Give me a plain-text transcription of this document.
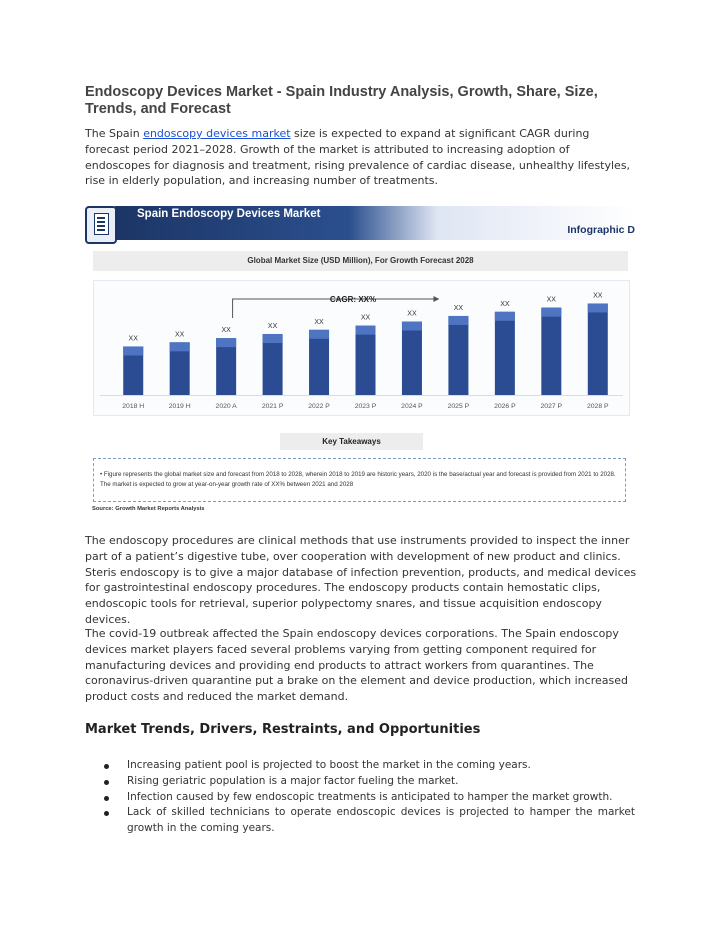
Endoscopy Devices Market - Spain Industry Analysis, Growth, Share, Size, Trends, and Forecast
The Spain endoscopy devices market size is expected to expand at significant CAGR during forecast period 2021–2028. Growth of the market is attributed to increasing adoption of endoscopes for diagnosis and treatment, rising prevalence of cardiac disease, unhealthy lifestyles, rise in elderly population, and increasing number of treatments.
Spain Endoscopy Devices Market
Infographic D
Global Market Size (USD Million), For Growth Forecast 2028
XX
2018 H
XX
2019 H
XX
2020 A
XX
2021 P
XX
2022 P
XX
2023 P
XX
2024 P
XX
2025 P
XX
2026 P
XX
2027 P
XX
2028 P
CAGR: XX%
Key Takeaways
• Figure represents the global market size and forecast from 2018 to 2028, wherein 2018 to 2019 are historic years, 2020 is the base/actual year and forecast is provided from 2021 to 2028. The market is expected to grow at year-on-year growth rate of XX% between 2021 and 2028
Source: Growth Market Reports Analysis
The endoscopy procedures are clinical methods that use instruments provided to inspect the inner part of a patient’s digestive tube, over cooperation with development of new product and clinics. Steris endoscopy is to give a major database of infection prevention, products, and medical devices for gastrointestinal endoscopy procedures. The endoscopy products contain hemostatic clips, endoscopic tools for retrieval, superior polypectomy snares, and tissue acquisition endoscopy devices.
The covid-19 outbreak affected the Spain endoscopy devices corporations. The Spain endoscopy devices market players faced several problems varying from getting component required for manufacturing devices and providing end products to attract workers from quarantines. The coronavirus-driven quarantine put a brake on the element and device production, which increased product costs and reduced the market demand.
Market Trends, Drivers, Restraints, and Opportunities
Increasing patient pool is projected to boost the market in the coming years.
Rising geriatric population is a major factor fueling the market.
Infection caused by few endoscopic treatments is anticipated to hamper the market growth.
Lack of skilled technicians to operate endoscopic devices is projected to hamper the market growth in the coming years.
